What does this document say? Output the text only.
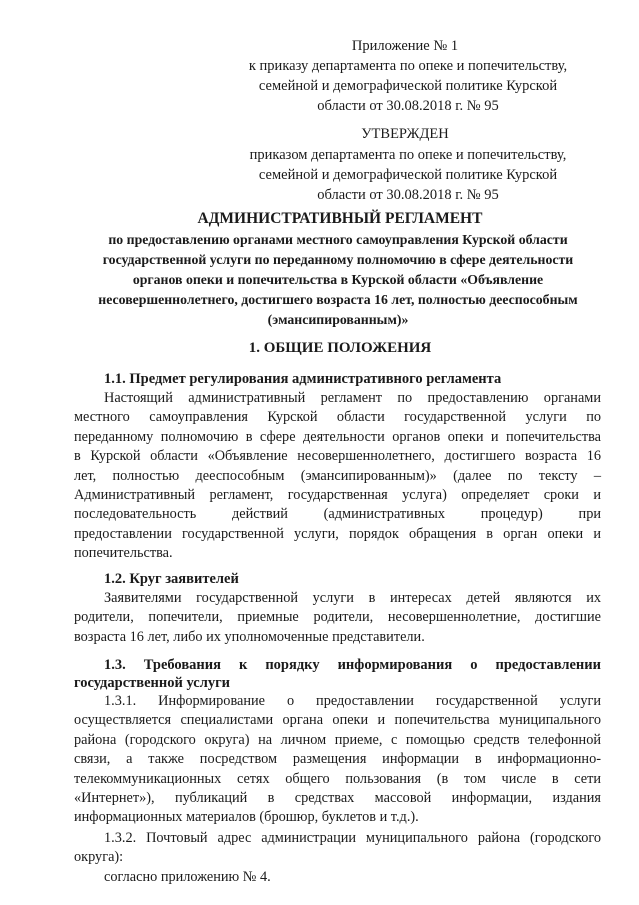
Приложение № 1
к приказу департамента по опеке и попечительству,
семейной и демографической политике Курской
области от 30.08.2018 г. № 95
УТВЕРЖДЕН
приказом департамента по опеке и попечительству,
семейной и демографической политике Курской
области от 30.08.2018 г. № 95
АДМИНИСТРАТИВНЫЙ РЕГЛАМЕНТ
по предоставлению органами местного самоуправления Курской области
государственной услуги по переданному полномочию в сфере деятельности
органов опеки и попечительства в Курской области «Объявление
несовершеннолетнего, достигшего возраста 16 лет, полностью дееспособным
(эмансипированным)»
1. ОБЩИЕ ПОЛОЖЕНИЯ
1.1. Предмет регулирования административного регламента
Настоящий административный регламент по предоставлению органами
местного самоуправления Курской области государственной услуги по
переданному полномочию в сфере деятельности органов опеки и попечительства
в Курской области «Объявление несовершеннолетнего, достигшего возраста 16
лет, полностью дееспособным (эмансипированным)» (далее по тексту –
Административный регламент, государственная услуга) определяет сроки и
последовательность действий (административных процедур) при
предоставлении государственной услуги, порядок обращения в орган опеки и
попечительства.
1.2. Круг заявителей
Заявителями государственной услуги в интересах детей являются их
родители, попечители, приемные родители, несовершеннолетние, достигшие
возраста 16 лет, либо их уполномоченные представители.
1.3. Требования к порядку информирования о предоставлении
государственной услуги
1.3.1. Информирование о предоставлении государственной услуги
осуществляется специалистами органа опеки и попечительства муниципального
района (городского округа) на личном приеме, с помощью средств телефонной
связи, а также посредством размещения информации в информационно-
телекоммуникационных сетях общего пользования (в том числе в сети
«Интернет»), публикаций в средствах массовой информации, издания
информационных материалов (брошюр, буклетов и т.д.).
1.3.2. Почтовый адрес администрации муниципального района (городского
округа):
согласно приложению № 4.
